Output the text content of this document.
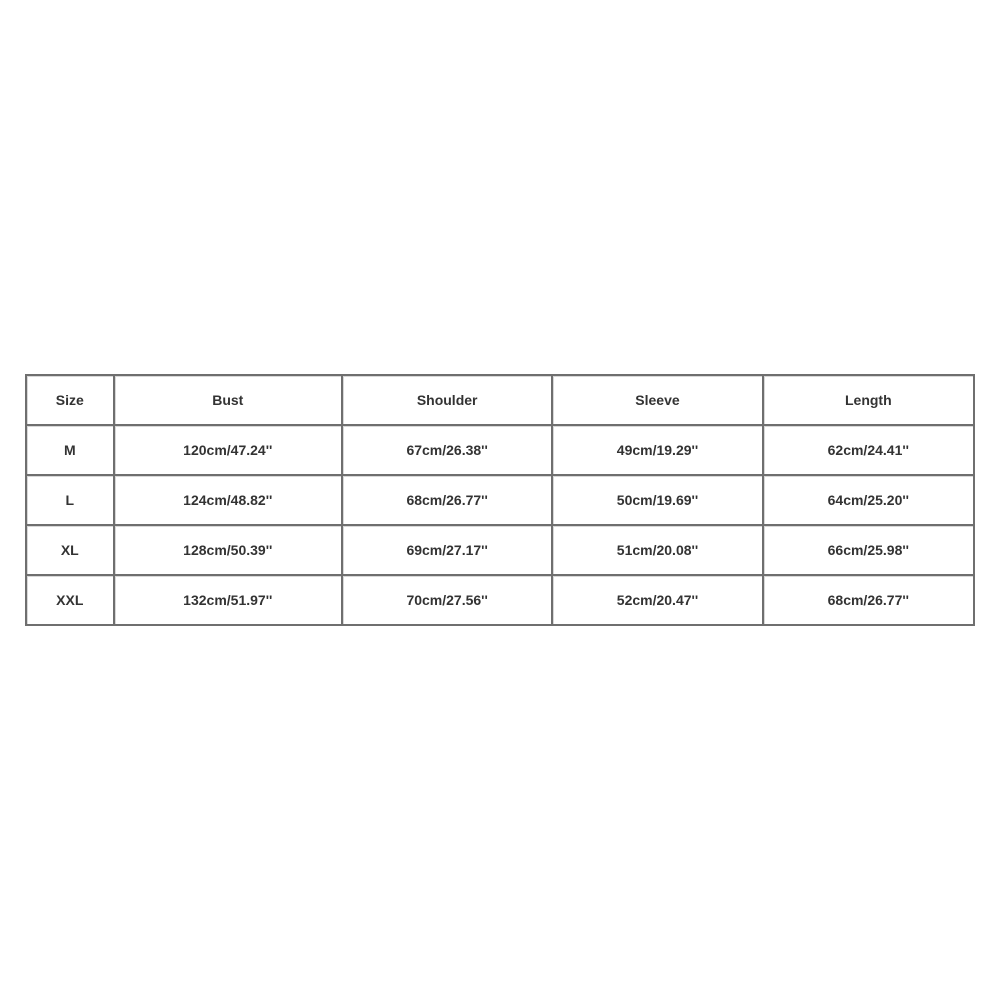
Size	Bust	Shoulder	Sleeve	Length
M	120cm/47.24''	67cm/26.38''	49cm/19.29''	62cm/24.41''
L	124cm/48.82''	68cm/26.77''	50cm/19.69''	64cm/25.20''
XL	128cm/50.39''	69cm/27.17''	51cm/20.08''	66cm/25.98''
XXL	132cm/51.97''	70cm/27.56''	52cm/20.47''	68cm/26.77''
